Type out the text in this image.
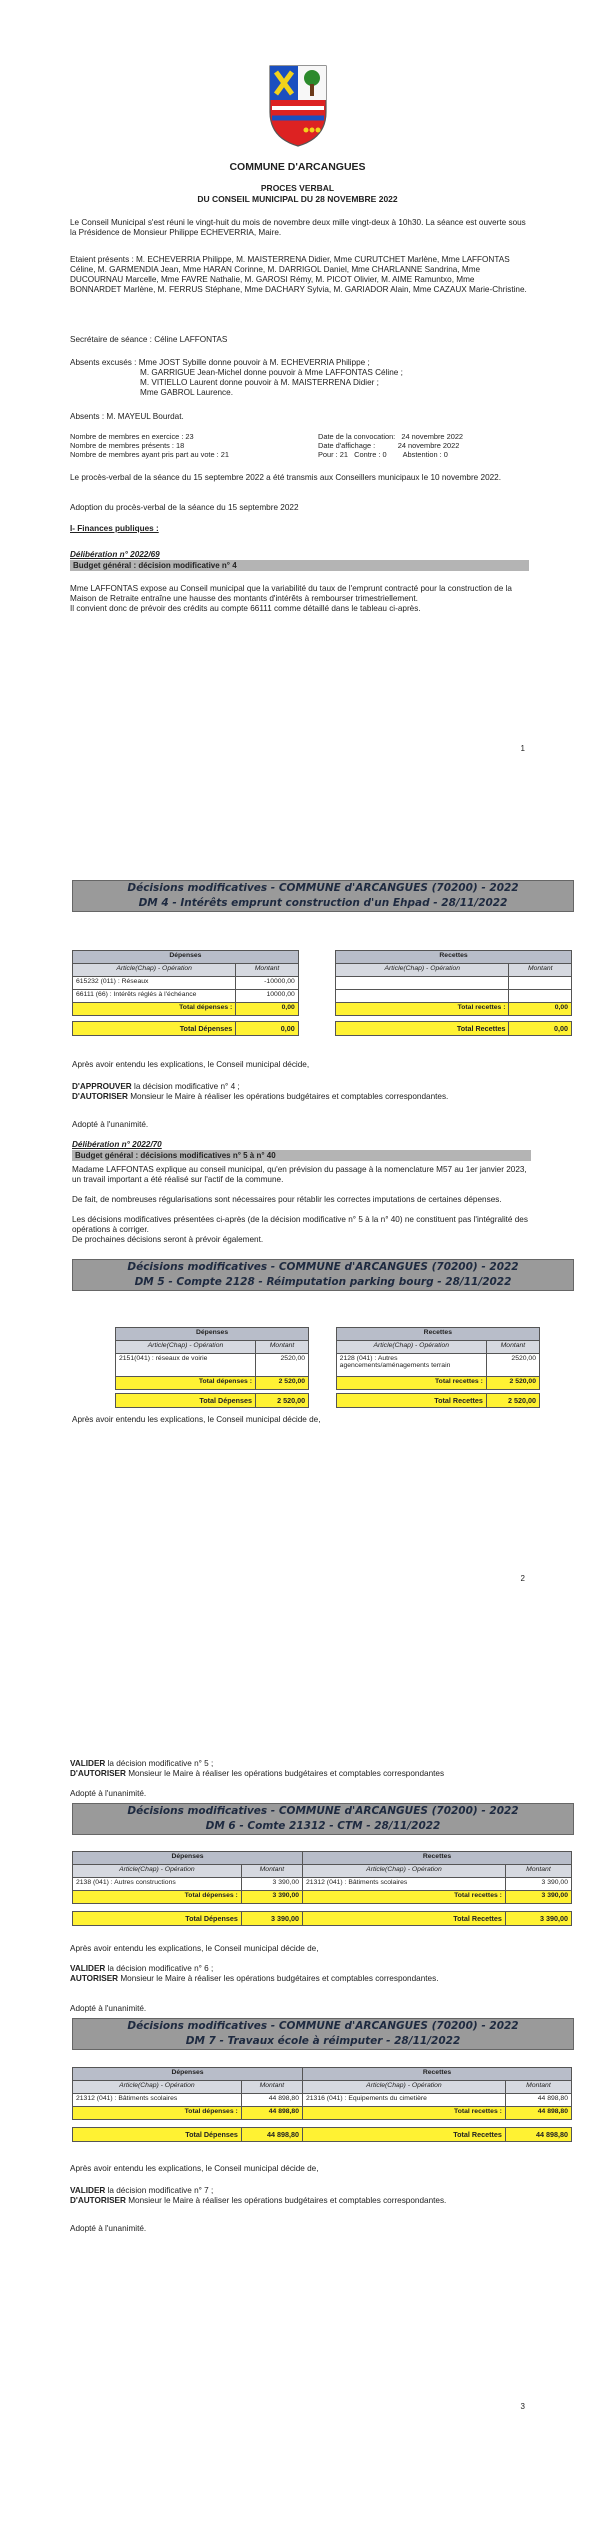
COMMUNE D'ARCANGUES

PROCES VERBAL

DU CONSEIL MUNICIPAL DU 28 NOVEMBRE 2022

Le Conseil Municipal s'est réuni le vingt-huit du mois de novembre deux mille vingt-deux à 10h30. La séance est ouverte sous la Présidence de Monsieur Philippe ECHEVERRIA, Maire.

Etaient présents : M. ECHEVERRIA Philippe, M. MAISTERRENA Didier, Mme CURUTCHET Marlène, Mme LAFFONTAS Céline, M. GARMENDIA Jean, Mme HARAN Corinne, M. DARRIGOL Daniel, Mme CHARLANNE Sandrina, Mme DUCOURNAU Marcelle, Mme FAVRE Nathalie, M. GAROSI Rémy, M. PICOT Olivier, M. AIME Ramuntxo, Mme BONNARDET Marlène, M. FERRUS Stéphane, Mme DACHARY Sylvia, M. GARIADOR Alain, Mme CAZAUX Marie-Christine.

Secrétaire de séance : Céline LAFFONTAS

Absents excusés : Mme JOST Sybille donne pouvoir à M. ECHEVERRIA Philippe ;

M. GARRIGUE Jean-Michel donne pouvoir à Mme LAFFONTAS Céline ;

M. VITIELLO Laurent donne pouvoir à M. MAISTERRENA Didier ;

Mme GABROL Laurence.

Absents : M. MAYEUL Bourdat.

Nombre de membres en exercice : 23

Nombre de membres présents : 18

Nombre de membres ayant pris part au vote : 21

Date de la convocation:   24 novembre 2022

Date d'affichage :           24 novembre 2022

Pour : 21   Contre : 0        Abstention : 0

Le procès-verbal de la séance du 15 septembre 2022 a été transmis aux Conseillers municipaux le 10 novembre 2022.

Adoption du procès-verbal de la séance du 15 septembre 2022

I- Finances publiques :

Délibération n° 2022/69

Budget général : décision modificative n° 4

Mme LAFFONTAS expose au Conseil municipal que la variabilité du taux de l'emprunt contracté pour la construction de la Maison de Retraite entraîne une hausse des montants d'intérêts à rembourser trimestriellement.

Il convient donc de prévoir des crédits au compte 66111 comme détaillé dans le tableau ci-après.

1

Décisions modificatives - COMMUNE d'ARCANGUES (70200) - 2022
DM 4 - Intérêts emprunt construction d'un Ehpad - 28/11/2022

Dépenses			Recettes	
Article(Chap) - Opération	Montant		Article(Chap) - Opération	Montant
615232 (011) : Réseaux	-10000,00			
66111 (66) : Intérêts réglés à l'échéance	10000,00			
Total dépenses :	0,00		Total recettes :	0,00
Total Dépenses	0,00		Total Recettes	0,00

Après avoir entendu les explications, le Conseil municipal décide,

D'APPROUVER la décision modificative n° 4 ;

D'AUTORISER Monsieur le Maire à réaliser les opérations budgétaires et comptables correspondantes.

Adopté à l'unanimité.

Délibération n° 2022/70

Budget général : décisions modificatives n° 5 à n° 40

Madame LAFFONTAS explique au conseil municipal, qu'en prévision du passage à la nomenclature M57 au 1er janvier 2023, un travail important a été réalisé sur l'actif de la commune.

De fait, de nombreuses régularisations sont nécessaires pour rétablir les correctes imputations de certaines dépenses.

Les décisions modificatives présentées ci-après (de la décision modificative n° 5 à la n° 40) ne constituent pas l'intégralité des opérations à corriger.

De prochaines décisions seront à prévoir également.

Décisions modificatives - COMMUNE d'ARCANGUES (70200) - 2022
DM 5 - Compte 2128 - Réimputation parking bourg - 28/11/2022

Dépenses			Recettes	
Article(Chap) - Opération	Montant		Article(Chap) - Opération	Montant
2151(041) : réseaux de voirie	2520,00		2128 (041) : Autres agencements/aménagements terrain	2520,00
Total dépenses :	2 520,00		Total recettes :	2 520,00
Total Dépenses	2 520,00		Total Recettes	2 520,00

Après avoir entendu les explications, le Conseil municipal décide de,

2

VALIDER la décision modificative n° 5 ;

D'AUTORISER Monsieur le Maire à réaliser les opérations budgétaires et comptables correspondantes

Adopté à l'unanimité.

Décisions modificatives - COMMUNE d'ARCANGUES (70200) - 2022
DM 6 - Comte 21312 - CTM - 28/11/2022

Dépenses		Recettes	
Article(Chap) - Opération	Montant	Article(Chap) - Opération	Montant
2138 (041) : Autres constructions	3 390,00	21312 (041) : Bâtiments scolaires	3 390,00
Total dépenses :	3 390,00	Total recettes :	3 390,00
Total Dépenses	3 390,00	Total Recettes	3 390,00

Après avoir entendu les explications, le Conseil municipal décide de,

VALIDER la décision modificative n° 6 ;

AUTORISER Monsieur le Maire à réaliser les opérations budgétaires et comptables correspondantes.

Adopté à l'unanimité.

Décisions modificatives - COMMUNE d'ARCANGUES (70200) - 2022
DM 7 - Travaux école à réimputer - 28/11/2022

Dépenses		Recettes	
Article(Chap) - Opération	Montant	Article(Chap) - Opération	Montant
21312 (041) : Bâtiments scolaires	44 898,80	21316 (041) : Equipements du cimetière	44 898,80
Total dépenses :	44 898,80	Total recettes :	44 898,80
Total Dépenses	44 898,80	Total Recettes	44 898,80

Après avoir entendu les explications, le Conseil municipal décide de,

VALIDER la décision modificative n° 7 ;

D'AUTORISER Monsieur le Maire à réaliser les opérations budgétaires et comptables correspondantes.

Adopté à l'unanimité.

3
